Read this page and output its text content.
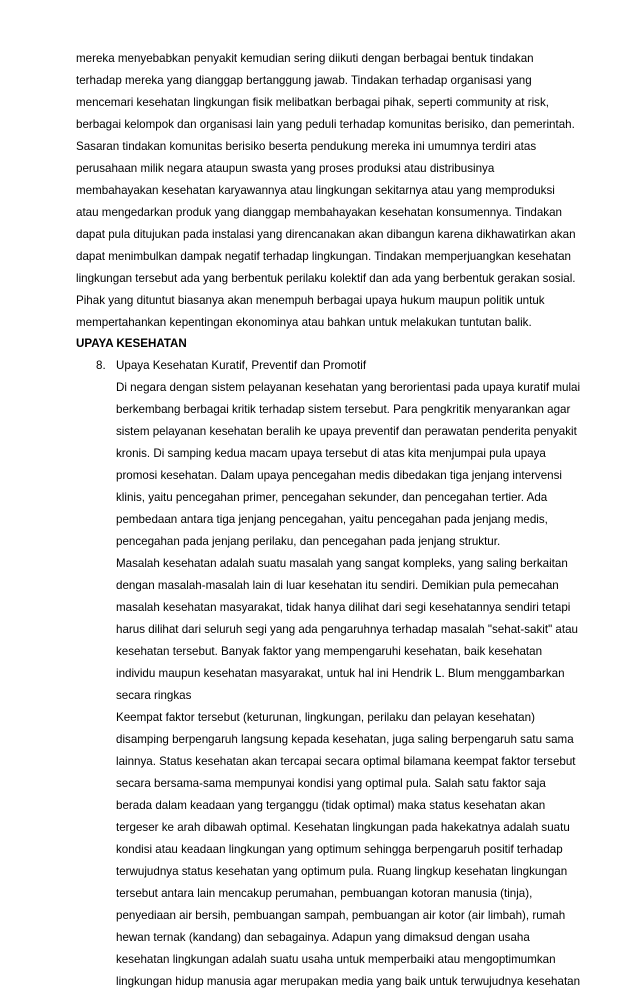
mereka menyebabkan penyakit kemudian sering diikuti dengan berbagai bentuk tindakan
terhadap mereka yang dianggap bertanggung jawab. Tindakan terhadap organisasi yang
mencemari kesehatan lingkungan fisik melibatkan berbagai pihak, seperti community at risk,
berbagai kelompok dan organisasi lain yang peduli terhadap komunitas berisiko, dan pemerintah.
Sasaran tindakan komunitas berisiko beserta pendukung mereka ini umumnya terdiri atas
perusahaan milik negara ataupun swasta yang proses produksi atau distribusinya
membahayakan kesehatan karyawannya atau lingkungan sekitarnya atau yang memproduksi
atau mengedarkan produk yang dianggap membahayakan kesehatan konsumennya. Tindakan
dapat pula ditujukan pada instalasi yang direncanakan akan dibangun karena dikhawatirkan akan
dapat menimbulkan dampak negatif terhadap lingkungan. Tindakan memperjuangkan kesehatan
lingkungan tersebut ada yang berbentuk perilaku kolektif dan ada yang berbentuk gerakan sosial.
Pihak yang dituntut biasanya akan menempuh berbagai upaya hukum maupun politik untuk
mempertahankan kepentingan ekonominya atau bahkan untuk melakukan tuntutan balik.
UPAYA KESEHATAN
8. Upaya Kesehatan Kuratif, Preventif dan Promotif
Di negara dengan sistem pelayanan kesehatan yang berorientasi pada upaya kuratif mulai
berkembang berbagai kritik terhadap sistem tersebut. Para pengkritik menyarankan agar
sistem pelayanan kesehatan beralih ke upaya preventif dan perawatan penderita penyakit
kronis. Di samping kedua macam upaya tersebut di atas kita menjumpai pula upaya
promosi kesehatan. Dalam upaya pencegahan medis dibedakan tiga jenjang intervensi
klinis, yaitu pencegahan primer, pencegahan sekunder, dan pencegahan tertier. Ada
pembedaan antara tiga jenjang pencegahan, yaitu pencegahan pada jenjang medis,
pencegahan pada jenjang perilaku, dan pencegahan pada jenjang struktur.
Masalah kesehatan adalah suatu masalah yang sangat kompleks, yang saling berkaitan
dengan masalah-masalah lain di luar kesehatan itu sendiri. Demikian pula pemecahan
masalah kesehatan masyarakat, tidak hanya dilihat dari segi kesehatannya sendiri tetapi
harus dilihat dari seluruh segi yang ada pengaruhnya terhadap masalah "sehat-sakit" atau
kesehatan tersebut. Banyak faktor yang mempengaruhi kesehatan, baik kesehatan
individu maupun kesehatan masyarakat, untuk hal ini Hendrik L. Blum menggambarkan
secara ringkas
Keempat faktor tersebut (keturunan, lingkungan, perilaku dan pelayan kesehatan)
disamping berpengaruh langsung kepada kesehatan, juga saling berpengaruh satu sama
lainnya. Status kesehatan akan tercapai secara optimal bilamana keempat faktor tersebut
secara bersama-sama mempunyai kondisi yang optimal pula. Salah satu faktor saja
berada dalam keadaan yang terganggu (tidak optimal) maka status kesehatan akan
tergeser ke arah dibawah optimal. Kesehatan lingkungan pada hakekatnya adalah suatu
kondisi atau keadaan lingkungan yang optimum sehingga berpengaruh positif terhadap
terwujudnya status kesehatan yang optimum pula. Ruang lingkup kesehatan lingkungan
tersebut antara lain mencakup perumahan, pembuangan kotoran manusia (tinja),
penyediaan air bersih, pembuangan sampah, pembuangan air kotor (air limbah), rumah
hewan ternak (kandang) dan sebagainya. Adapun yang dimaksud dengan usaha
kesehatan lingkungan adalah suatu usaha untuk memperbaiki atau mengoptimumkan
lingkungan hidup manusia agar merupakan media yang baik untuk terwujudnya kesehatan
